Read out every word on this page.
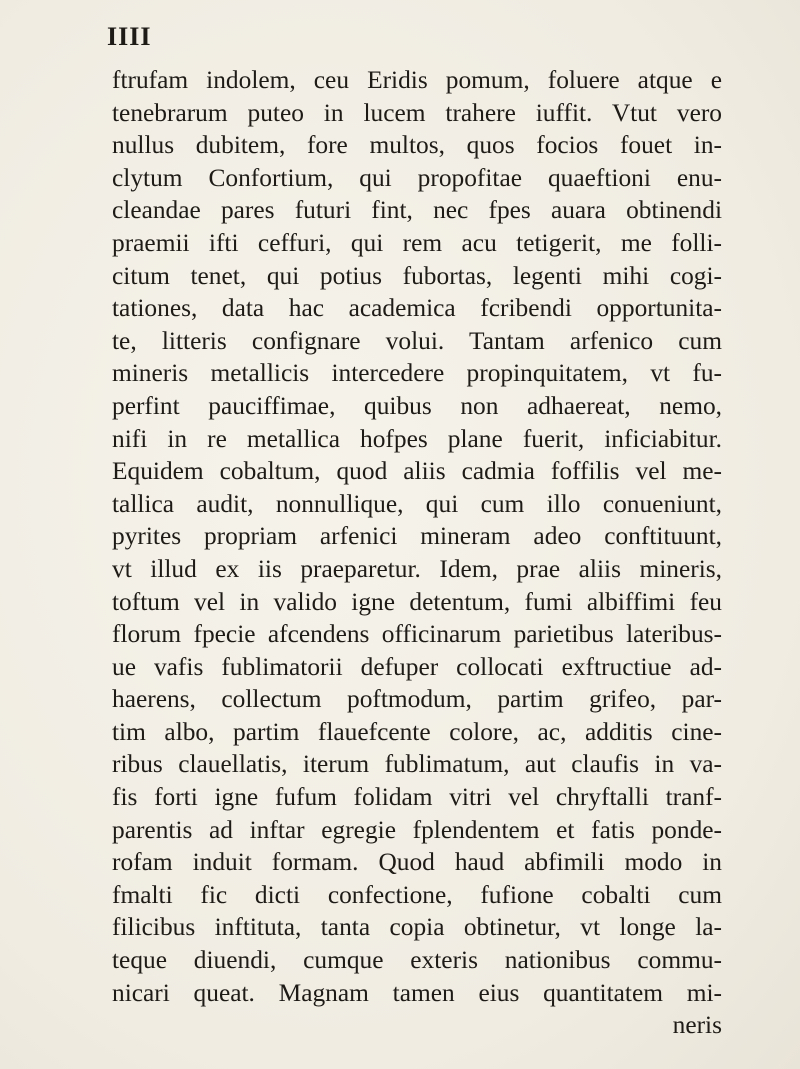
IIII
ftrufam indolem, ceu Eridis pomum, foluere atque e
tenebrarum puteo in lucem trahere iuffit. Vtut vero
nullus dubitem, fore multos, quos focios fouet in-
clytum Confortium, qui propofitae quaeftioni enu-
cleandae pares futuri fint, nec fpes auara obtinendi
praemii ifti ceffuri, qui rem acu tetigerit, me folli-
citum tenet, qui potius fubortas, legenti mihi cogi-
tationes, data hac academica fcribendi opportunita-
te, litteris confignare volui. Tantam arfenico cum
mineris metallicis intercedere propinquitatem, vt fu-
perfint pauciffimae, quibus non adhaereat, nemo,
nifi in re metallica hofpes plane fuerit, inficiabitur.
Equidem cobaltum, quod aliis cadmia foffilis vel me-
tallica audit, nonnullique, qui cum illo conueniunt,
pyrites propriam arfenici mineram adeo conftituunt,
vt illud ex iis praeparetur. Idem, prae aliis mineris,
toftum vel in valido igne detentum, fumi albiffimi feu
florum fpecie afcendens officinarum parietibus lateribus-
ue vafis fublimatorii defuper collocati exftructiue ad-
haerens, collectum poftmodum, partim grifeo, par-
tim albo, partim flauefcente colore, ac, additis cine-
ribus clauellatis, iterum fublimatum, aut claufis in va-
fis forti igne fufum folidam vitri vel chryftalli tranf-
parentis ad inftar egregie fplendentem et fatis ponde-
rofam induit formam. Quod haud abfimili modo in
fmalti fic dicti confectione, fufione cobalti cum
filicibus inftituta, tanta copia obtinetur, vt longe la-
teque diuendi, cumque exteris nationibus commu-
nicari queat. Magnam tamen eius quantitatem mi-
neris
